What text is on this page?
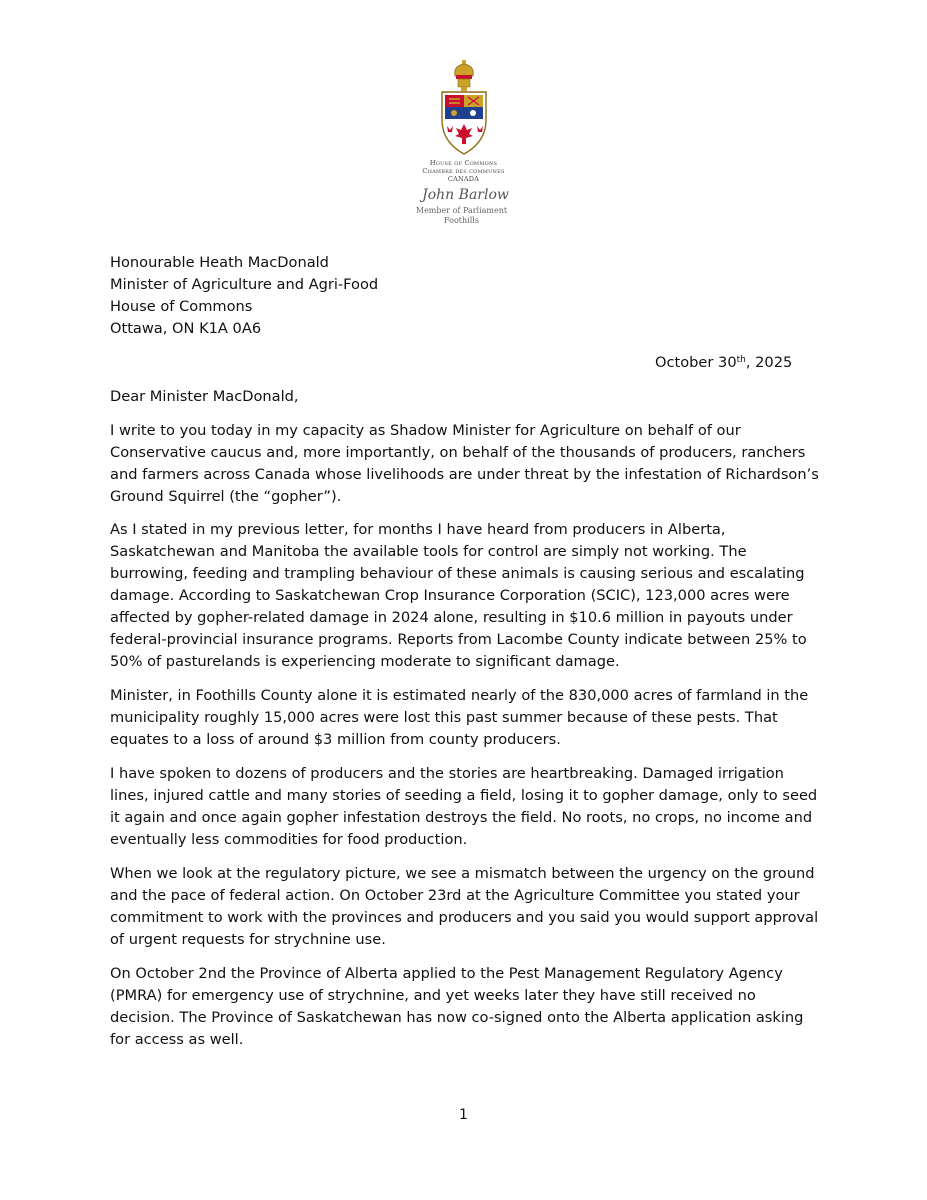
House of Commons
Chambre des communes
CANADA
John Barlow
Member of Parliament
Foothills
Honourable Heath MacDonald
Minister of Agriculture and Agri-Food
House of Commons
Ottawa, ON K1A 0A6
October 30th, 2025
Dear Minister MacDonald,

I write to you today in my capacity as Shadow Minister for Agriculture on behalf of our Conservative caucus and, more importantly, on behalf of the thousands of producers, ranchers and farmers across Canada whose livelihoods are under threat by the infestation of Richardson’s Ground Squirrel (the “gopher”).

As I stated in my previous letter, for months I have heard from producers in Alberta, Saskatchewan and Manitoba the available tools for control are simply not working. The burrowing, feeding and trampling behaviour of these animals is causing serious and escalating damage. According to Saskatchewan Crop Insurance Corporation (SCIC), 123,000 acres were affected by gopher-related damage in 2024 alone, resulting in $10.6 million in payouts under federal-provincial insurance programs. Reports from Lacombe County indicate between 25% to 50% of pasturelands is experiencing moderate to significant damage.

Minister, in Foothills County alone it is estimated nearly of the 830,000 acres of farmland in the municipality roughly 15,000 acres were lost this past summer because of these pests. That equates to a loss of around $3 million from county producers.

I have spoken to dozens of producers and the stories are heartbreaking. Damaged irrigation lines, injured cattle and many stories of seeding a field, losing it to gopher damage, only to seed it again and once again gopher infestation destroys the field. No roots, no crops, no income and eventually less commodities for food production.

When we look at the regulatory picture, we see a mismatch between the urgency on the ground and the pace of federal action. On October 23rd at the Agriculture Committee you stated your commitment to work with the provinces and producers and you said you would support approval of urgent requests for strychnine use.

On October 2nd the Province of Alberta applied to the Pest Management Regulatory Agency (PMRA) for emergency use of strychnine, and yet weeks later they have still received no decision. The Province of Saskatchewan has now co-signed onto the Alberta application asking for access as well.

1
